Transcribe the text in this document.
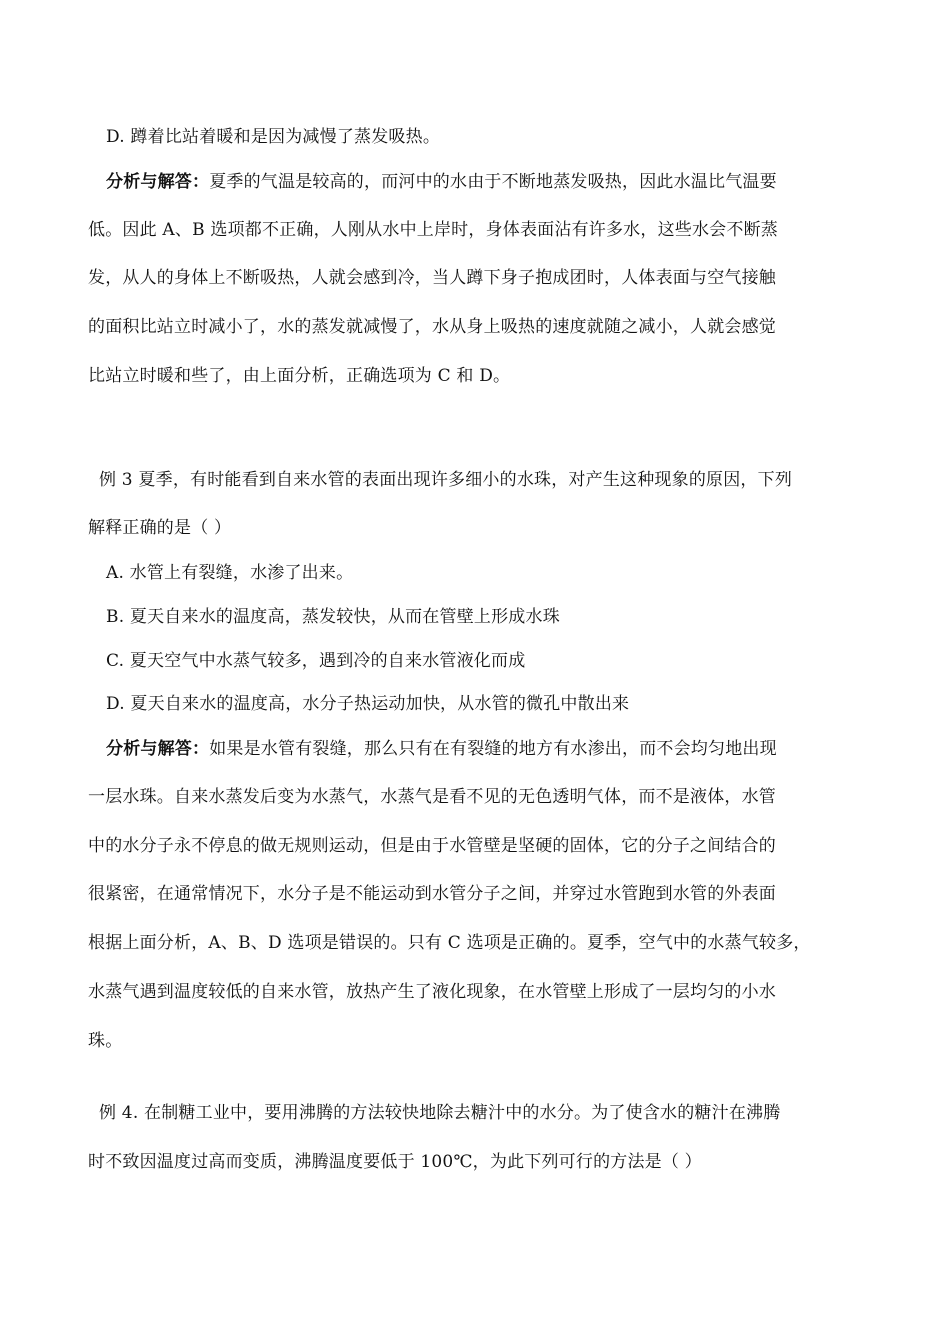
D. 蹲着比站着暖和是因为减慢了蒸发吸热。
分析与解答：夏季的气温是较高的，而河中的水由于不断地蒸发吸热，因此水温比气温要
低。因此 A、B 选项都不正确，人刚从水中上岸时，身体表面沾有许多水，这些水会不断蒸
发，从人的身体上不断吸热，人就会感到冷，当人蹲下身子抱成团时，人体表面与空气接触
的面积比站立时减小了，水的蒸发就减慢了，水从身上吸热的速度就随之减小，人就会感觉
比站立时暖和些了，由上面分析，正确选项为 C 和 D。
例 3 夏季，有时能看到自来水管的表面出现许多细小的水珠，对产生这种现象的原因，下列
解释正确的是（ ）
A. 水管上有裂缝，水渗了出来。
B. 夏天自来水的温度高，蒸发较快，从而在管壁上形成水珠
C. 夏天空气中水蒸气较多，遇到冷的自来水管液化而成
D. 夏天自来水的温度高，水分子热运动加快，从水管的微孔中散出来
分析与解答：如果是水管有裂缝，那么只有在有裂缝的地方有水渗出，而不会均匀地出现
一层水珠。自来水蒸发后变为水蒸气，水蒸气是看不见的无色透明气体，而不是液体，水管
中的水分子永不停息的做无规则运动，但是由于水管壁是坚硬的固体，它的分子之间结合的
很紧密，在通常情况下，水分子是不能运动到水管分子之间，并穿过水管跑到水管的外表面
根据上面分析，A、B、D 选项是错误的。只有 C 选项是正确的。夏季，空气中的水蒸气较多，
水蒸气遇到温度较低的自来水管，放热产生了液化现象，在水管壁上形成了一层均匀的小水
珠。
例 4. 在制糖工业中，要用沸腾的方法较快地除去糖汁中的水分。为了使含水的糖汁在沸腾
时不致因温度过高而变质，沸腾温度要低于 100℃，为此下列可行的方法是（ ）
